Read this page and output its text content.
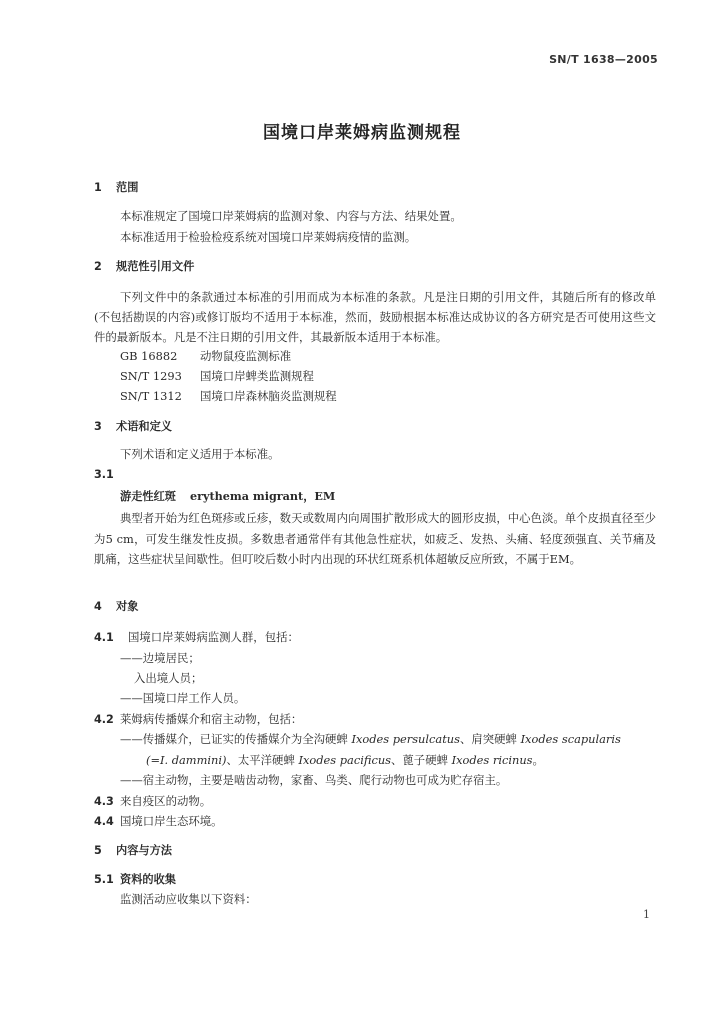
SN/T 1638—2005
国境口岸莱姆病监测规程
1 范围
本标准规定了国境口岸莱姆病的监测对象、内容与方法、结果处置。
本标准适用于检验检疫系统对国境口岸莱姆病疫情的监测。
2 规范性引用文件
下列文件中的条款通过本标准的引用而成为本标准的条款。凡是注日期的引用文件，其随后所有的修改单(不包括勘误的内容)或修订版均不适用于本标准，然而，鼓励根据本标准达成协议的各方研究是否可使用这些文件的最新版本。凡是不注日期的引用文件，其最新版本适用于本标准。
GB 16882 动物鼠疫监测标准
SN/T 1293 国境口岸蜱类监测规程
SN/T 1312 国境口岸森林脑炎监测规程
3 术语和定义
下列术语和定义适用于本标准。
3.1
游走性红斑 erythema migrant，EM
典型者开始为红色斑疹或丘疹，数天或数周内向周围扩散形成大的圆形皮损，中心色淡。单个皮损直径至少为5 cm，可发生继发性皮损。多数患者通常伴有其他急性症状，如疲乏、发热、头痛、轻度颈强直、关节痛及肌痛，这些症状呈间歇性。但叮咬后数小时内出现的环状红斑系机体超敏反应所致，不属于EM。
4 对象
4.1 国境口岸莱姆病监测人群，包括：
——边境居民；
入出境人员；
——国境口岸工作人员。
4.2 莱姆病传播媒介和宿主动物，包括：
——传播媒介，已证实的传播媒介为全沟硬蜱 Ixodes persulcatus、肩突硬蜱 Ixodes scapularis
(=I. dammini)、太平洋硬蜱 Ixodes pacificus、蓖子硬蜱 Ixodes ricinus。
——宿主动物，主要是啮齿动物，家畜、鸟类、爬行动物也可成为贮存宿主。
4.3 来自疫区的动物。
4.4 国境口岸生态环境。
5 内容与方法
5.1 资料的收集
监测活动应收集以下资料：
1
